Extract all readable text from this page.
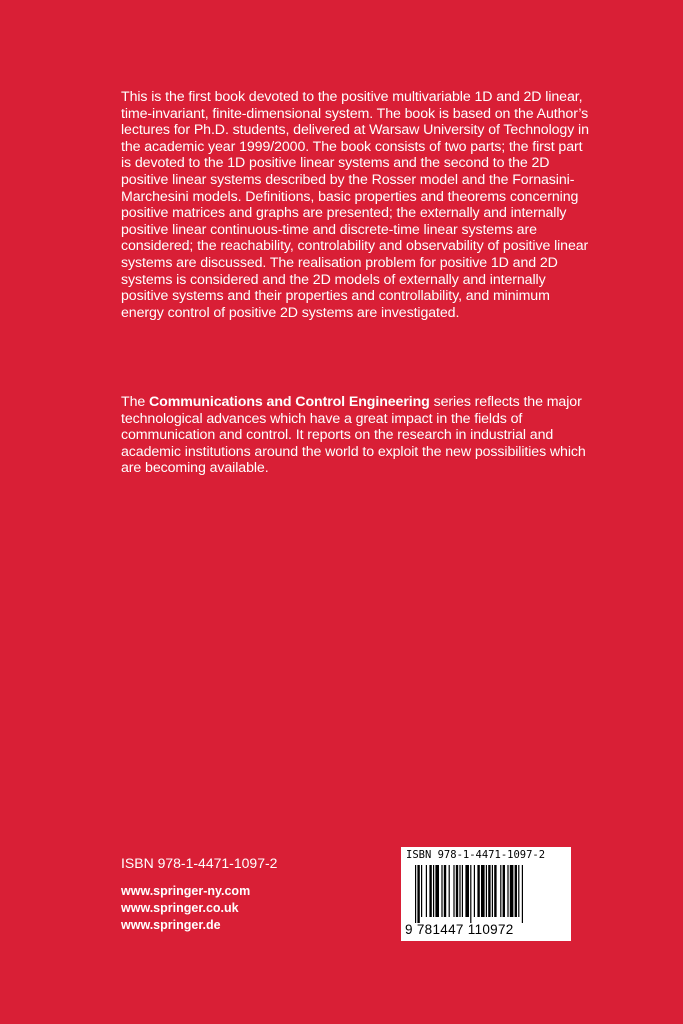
This is the first book devoted to the positive multivariable 1D and 2D linear, time-invariant, finite-dimensional system. The book is based on the Author’s lectures for Ph.D. students, delivered at Warsaw University of Technology in the academic year 1999/2000. The book consists of two parts; the first part is devoted to the 1D positive linear systems and the second to the 2D positive linear systems described by the Rosser model and the Fornasini-Marchesini models. Definitions, basic properties and theorems concerning positive matrices and graphs are presented; the externally and internally positive linear continuous-time and discrete-time linear systems are considered; the reachability, controlability and observability of positive linear systems are discussed. The realisation problem for positive 1D and 2D systems is considered and the 2D models of externally and internally positive systems and their properties and controllability, and minimum energy control of positive 2D systems are investigated.

The Communications and Control Engineering series reflects the major technological advances which have a great impact in the fields of communication and control. It reports on the research in industrial and academic institutions around the world to exploit the new possibilities which are becoming available.

ISBN 978-1-4471-1097-2
www.springer-ny.com
www.springer.co.uk
www.springer.de
ISBN 978-1-4471-1097-2
9 781447 110972
